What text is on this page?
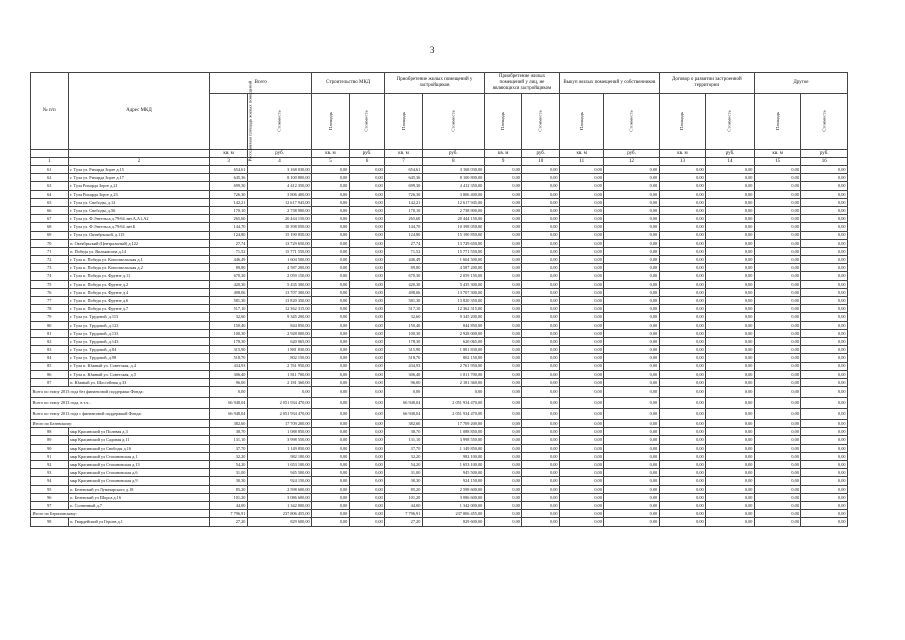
3
№ п/п	Адрес МКД	Всего		Строительство МКД		Приобретение жилых помещений у застройщиков		Приобретение жилых помещений у лиц, не являющихся застройщиком		Выкуп жилых помещений у собственников		Договор о развитии застроенной территории		Другое	
		Расселяемая площадь жилых помещений	Стоимость	Площадь	Стоимость	Площадь	Стоимость	Площадь	Стоимость	Площадь	Стоимость	Площадь	Стоимость	Площадь	Стоимость
		кв. м	руб.	кв. м	руб.	кв. м	руб.	кв. м	руб.	кв. м	руб.	кв. м	руб.	кв. м	руб.
1	2	3	4	5	6	7	8	9	10	11	12	13	14	15	16
61	г. Тула ул. Рихарда Зорге д.15	654,61	3 168 030,00	0,00	0,00	654,61	3 168 030,00	0,00	0,00	0,00	0,00	0,00	0,00	0,00	0,00
62	г. Тула ул. Рихарда Зорге д.17	645,36	8 100 800,00	0,00	0,00	645,36	8 100 800,00	0,00	0,00	0,00	0,00	0,00	0,00	0,00	0,00
63	г. Тула Рихарда Зорге д.21	699,30	4 412 350,00	0,00	0,00	699,30	4 412 350,00	0,00	0,00	0,00	0,00	0,00	0,00	0,00	0,00
64	г. Тула Рихарда Зорге д.23	726,30	3 806 400,00	0,00	0,00	726,30	3 806 400,00	0,00	0,00	0,00	0,00	0,00	0,00	0,00	0,00
65	г. Тула ул. Свободы, д.12	142,21	12 617 945,00	0,00	0,00	142,21	12 617 945,00	0,00	0,00	0,00	0,00	0,00	0,00	0,00	0,00
66	г. Тула ул. Свободы, д.56	170,10	2 738 900,00	0,00	0,00	170,10	2 738 900,00	0,00	0,00	0,00	0,00	0,00	0,00	0,00	0,00
67	г. Тула ул. Ф.Энгельса д.79/64 лит.А,А1,А2	265,60	20 444 150,00	0,00	0,00	265,60	20 444 150,00	0,00	0,00	0,00	0,00	0,00	0,00	0,00	0,00
68	г. Тула ул. Ф.Энгельса д.79/64 лит.Б	144,70	10 398 050,00	0,00	0,00	144,70	10 398 050,00	0,00	0,00	0,00	0,00	0,00	0,00	0,00	0,00
69	г. Тула ул. Октябрьской, д.115	124,80	15 190 850,00	0,00	0,00	124,80	15 190 850,00	0,00	0,00	0,00	0,00	0,00	0,00	0,00	0,00
70	п. Октябрьский (Центральный) д.122	27,74	13 729 650,00	0,00	0,00	27,74	13 729 650,00	0,00	0,00	0,00	0,00	0,00	0,00	0,00	0,00
71	п. Победа ул. Вильямсона д.14	71,52	15 771 550,00	0,00	0,00	71,52	15 771 550,00	0,00	0,00	0,00	0,00	0,00	0,00	0,00	0,00
72	г. Тула п. Победа ул. Комсомольская д.1	446,49	1 604 500,00	0,00	0,00	446,49	1 604 500,00	0,00	0,00	0,00	0,00	0,00	0,00	0,00	0,00
73	г. Тула п. Победа ул. Комсомольская д.2	89,80	4 587 200,00	0,00	0,00	89,80	4 587 200,00	0,00	0,00	0,00	0,00	0,00	0,00	0,00	0,00
74	г. Тула п. Победа ул. Фрунзе д.11	670,30	2 059 150,00	0,00	0,00	670,30	2 059 150,00	0,00	0,00	0,00	0,00	0,00	0,00	0,00	0,00
75	г. Тула п. Победа ул. Фрунзе д.2	420,30	5 435 300,00	0,00	0,00	420,30	5 435 300,00	0,00	0,00	0,00	0,00	0,00	0,00	0,00	0,00
76	г. Тула п. Победа ул. Фрунзе д.4	498,06	13 707 300,00	0,00	0,00	498,06	13 707 300,00	0,00	0,00	0,00	0,00	0,00	0,00	0,00	0,00
77	г. Тула п. Победа ул. Фрунзе д.6	581,30	13 820 350,00	0,00	0,00	581,30	13 820 350,00	0,00	0,00	0,00	0,00	0,00	0,00	0,00	0,00
78	г. Тула п. Победа ул. Фрунзе д.7	517,10	12 362 315,00	0,00	0,00	517,10	12 362 315,00	0,00	0,00	0,00	0,00	0,00	0,00	0,00	0,00
79	г. Тула ул. Трудовой, д.113	32,60	9 345 200,00	0,00	0,00	32,60	9 345 200,00	0,00	0,00	0,00	0,00	0,00	0,00	0,00	0,00
80	г. Тула ул. Трудовой, д.123	150,40	844 850,00	0,00	0,00	150,40	844 850,00	0,00	0,00	0,00	0,00	0,00	0,00	0,00	0,00
81	г. Тула ул. Трудовой, д.133	100,30	2 928 000,00	0,00	0,00	100,30	2 928 000,00	0,00	0,00	0,00	0,00	0,00	0,00	0,00	0,00
82	г. Тула ул. Трудовой, д.143	178,30	620 065,00	0,00	0,00	178,30	620 065,00	0,00	0,00	0,00	0,00	0,00	0,00	0,00	0,00
83	г. Тула ул. Трудовой, д.84	315,90	1 881 830,00	0,00	0,00	315,90	1 881 830,00	0,00	0,00	0,00	0,00	0,00	0,00	0,00	0,00
84	г. Тула ул. Трудовой, д.98	518,70	802 150,00	0,00	0,00	518,70	802 150,00	0,00	0,00	0,00	0,00	0,00	0,00	0,00	0,00
85	г. Тула п. Южный ул. Советская, д.4	434,93	2 761 950,00	0,00	0,00	434,93	2 761 950,00	0,00	0,00	0,00	0,00	0,00	0,00	0,00	0,00
86	г. Тула п. Южный ул. Советская, д.5	306,40	1 811 700,00	0,00	0,00	306,40	1 811 700,00	0,00	0,00	0,00	0,00	0,00	0,00	0,00	0,00
87	п. Южный ул. Шоссейная д.33	96,00	2 181 360,00	0,00	0,00	96,00	2 181 360,00	0,00	0,00	0,00	0,00	0,00	0,00	0,00	0,00
Всего по этапу 2013 года без финансовой поддержки Фонда:		0,00	0,00	0,00	0,00	0,00	0,00	0,00	0,00	0,00	0,00	0,00	0,00	0,00	0,00
Всего по этапу 2013 года, в т.ч.:		66 948,04	2 051 934 470,00	0,00	0,00	66 948,04	2 051 934 470,00	0,00	0,00	0,00	0,00	0,00	0,00	0,00	0,00
Всего по этапу 2013 года с финансовой поддержкой Фонда:		66 948,04	2 051 934 470,00	0,00	0,00	66 948,04	2 051 934 470,00	0,00	0,00	0,00	0,00	0,00	0,00	0,00	0,00
Итого по Белевскому:		382,60	17 709 200,00	0,00	0,00	382,60	17 709 200,00	0,00	0,00	0,00	0,00	0,00	0,00	0,00	0,00
88	мкр Красивский ул Полевая д.3	38,70	1 088 850,00	0,00	0,00	38,70	1 088 850,00	0,00	0,00	0,00	0,00	0,00	0,00	0,00	0,00
89	мкр Красивский ул Садовая д.11	131,10	3 998 550,00	0,00	0,00	131,10	3 998 550,00	0,00	0,00	0,00	0,00	0,00	0,00	0,00	0,00
90	мкр Красивский ул Свободы д.16	37,70	1 149 850,00	0,00	0,00	37,70	1 149 850,00	0,00	0,00	0,00	0,00	0,00	0,00	0,00	0,00
91	мкр Красивский ул Стахановская д.1	32,20	982 100,00	0,00	0,00	32,20	982 100,00	0,00	0,00	0,00	0,00	0,00	0,00	0,00	0,00
92	мкр Красивский ул Стахановская д.13	54,20	1 653 100,00	0,00	0,00	54,20	1 653 100,00	0,00	0,00	0,00	0,00	0,00	0,00	0,00	0,00
93	мкр Красивский ул Стахановская д.6	31,00	945 500,00	0,00	0,00	31,00	945 500,00	0,00	0,00	0,00	0,00	0,00	0,00	0,00	0,00
94	мкр Красивский ул Стахановская д.9	30,30	924 150,00	0,00	0,00	30,30	924 150,00	0,00	0,00	0,00	0,00	0,00	0,00	0,00	0,00
95	п. Белевский ул Луначарского д.18	85,20	2 598 600,00	0,00	0,00	85,20	2 598 600,00	0,00	0,00	0,00	0,00	0,00	0,00	0,00	0,00
96	п. Белевский ул Шорса д.16	101,20	3 086 600,00	0,00	0,00	101,20	3 086 600,00	0,00	0,00	0,00	0,00	0,00	0,00	0,00	0,00
97	п. Солнечный д.7	44,00	1 342 000,00	0,00	0,00	44,00	1 342 000,00	0,00	0,00	0,00	0,00	0,00	0,00	0,00	0,00
Итого по Бериловскому:		7 796,91	237 806 455,00	0,00	0,00	7 796,91	237 806 455,00	0,00	0,00	0,00	0,00	0,00	0,00	0,00	0,00
98	п. Гвардейский ул Героев д.1	27,20	829 600,00	0,00	0,00	27,20	829 600,00	0,00	0,00	0,00	0,00	0,00	0,00	0,00	0,00
